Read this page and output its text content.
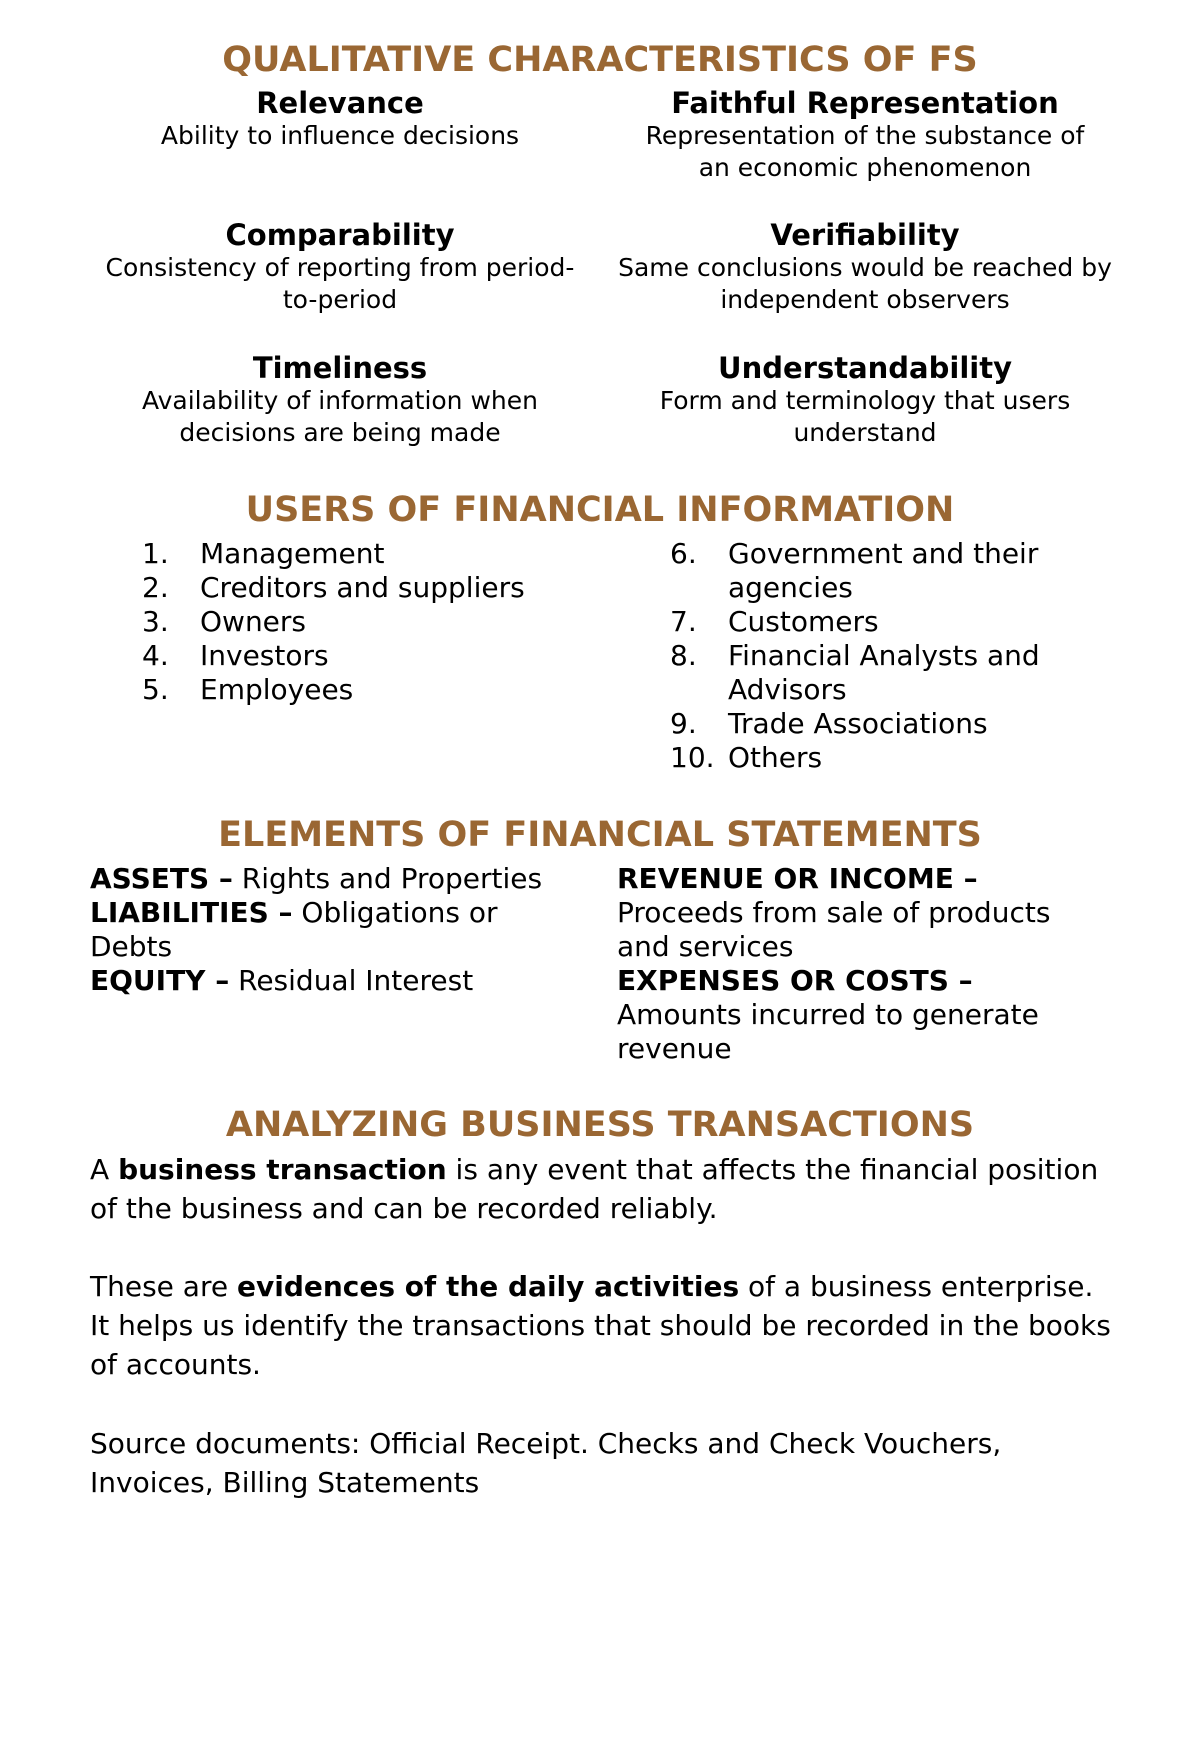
QUALITATIVE CHARACTERISTICS OF FS
Relevance
Ability to influence decisions
Faithful Representation
Representation of the substance of an economic phenomenon
Comparability
Consistency of reporting from period-to-period
Verifiability
Same conclusions would be reached by independent observers
Timeliness
Availability of information when decisions are being made
Understandability
Form and terminology that users understand
USERS OF FINANCIAL INFORMATION
1. Management
2. Creditors and suppliers
3. Owners
4. Investors
5. Employees
6. Government and their agencies
7. Customers
8. Financial Analysts and Advisors
9. Trade Associations
10. Others
ELEMENTS OF FINANCIAL STATEMENTS
ASSETS – Rights and Properties
LIABILITIES – Obligations or Debts
EQUITY – Residual Interest
REVENUE OR INCOME –
Proceeds from sale of products and services
EXPENSES OR COSTS –
Amounts incurred to generate revenue
ANALYZING BUSINESS TRANSACTIONS

A business transaction is any event that affects the financial position of the business and can be recorded reliably.

These are evidences of the daily activities of a business enterprise. It helps us identify the transactions that should be recorded in the books of accounts.

Source documents: Official Receipt. Checks and Check Vouchers, Invoices, Billing Statements
